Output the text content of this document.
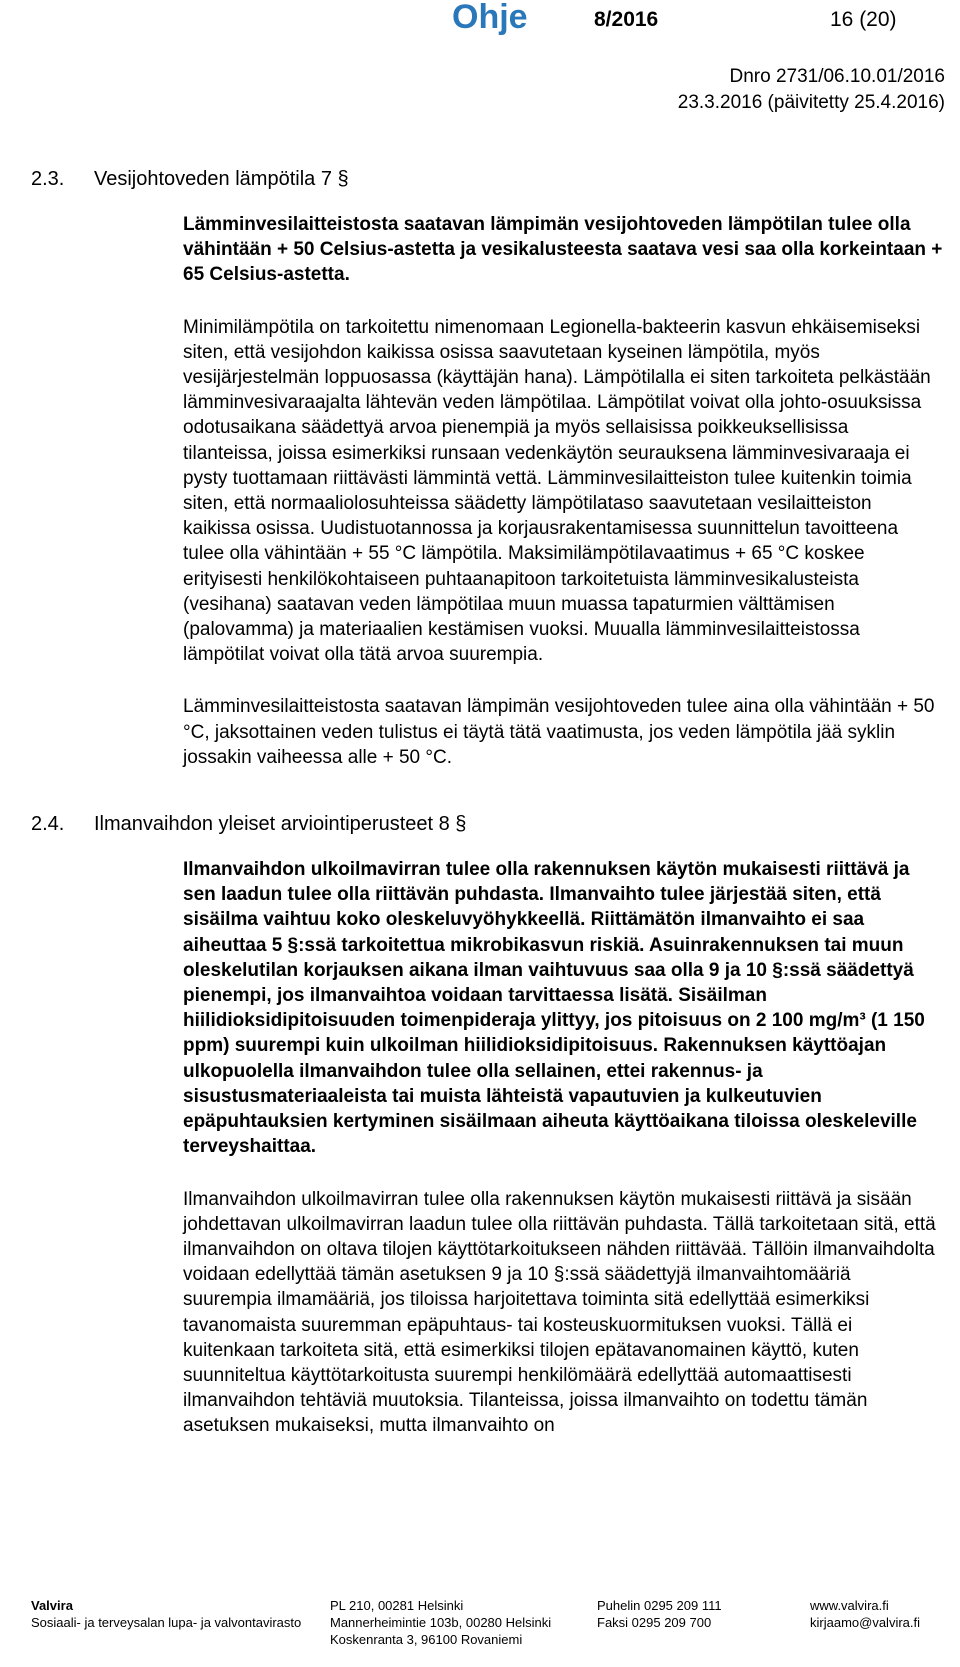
Ohje	8/2016	16 (20)
Dnro 2731/06.10.01/2016
23.3.2016 (päivitetty 25.4.2016)
2.3.	Vesijohtoveden lämpötila 7 §
Lämminvesilaitteistosta saatavan lämpimän vesijohtoveden lämpötilan tulee olla vähintään + 50 Celsius-astetta ja vesikalusteesta saatava vesi saa olla korkeintaan + 65 Celsius-astetta.
Minimilämpötila on tarkoitettu nimenomaan Legionella-bakteerin kasvun ehkäisemiseksi siten, että vesijohdon kaikissa osissa saavutetaan kyseinen lämpötila, myös vesijärjestelmän loppuosassa (käyttäjän hana). Lämpötilalla ei siten tarkoiteta pelkästään lämminvesivaraajalta lähtevän veden lämpötilaa. Lämpötilat voivat olla johto-osuuksissa odotusaikana säädettyä arvoa pienempiä ja myös sellaisissa poikkeuksellisissa tilanteissa, joissa esimerkiksi runsaan vedenkäytön seurauksena lämminvesivaraaja ei pysty tuottamaan riittävästi lämmintä vettä. Lämminvesilaitteiston tulee kuitenkin toimia siten, että normaaliolosuhteissa säädetty lämpötilataso saavutetaan vesilaitteiston kaikissa osissa. Uudistuotannossa ja korjausrakentamisessa suunnittelun tavoitteena tulee olla vähintään + 55 °C lämpötila. Maksimilämpötilavaatimus + 65 °C koskee erityisesti henkilökohtaiseen puhtaanapitoon tarkoitetuista lämminvesikalusteista (vesihana) saatavan veden lämpötilaa muun muassa tapaturmien välttämisen (palovamma) ja materiaalien kestämisen vuoksi. Muualla lämminvesilaitteistossa lämpötilat voivat olla tätä arvoa suurempia.
Lämminvesilaitteistosta saatavan lämpimän vesijohtoveden tulee aina olla vähintään + 50 °C, jaksottainen veden tulistus ei täytä tätä vaatimusta, jos veden lämpötila jää syklin jossakin vaiheessa alle + 50 °C.
2.4.	Ilmanvaihdon yleiset arviointiperusteet 8 §
Ilmanvaihdon ulkoilmavirran tulee olla rakennuksen käytön mukaisesti riittävä ja sen laadun tulee olla riittävän puhdasta. Ilmanvaihto tulee järjestää siten, että sisäilma vaihtuu koko oleskeluvyöhykkeellä. Riittämätön ilmanvaihto ei saa aiheuttaa 5 §:ssä tarkoitettua mikrobikasvun riskiä. Asuinrakennuksen tai muun oleskelutilan korjauksen aikana ilman vaihtuvuus saa olla 9 ja 10 §:ssä säädettyä pienempi, jos ilmanvaihtoa voidaan tarvittaessa lisätä. Sisäilman hiilidioksidipitoisuuden toimenpideraja ylittyy, jos pitoisuus on 2 100 mg/m³ (1 150 ppm) suurempi kuin ulkoilman hiilidioksidipitoisuus. Rakennuksen käyttöajan ulkopuolella ilmanvaihdon tulee olla sellainen, ettei rakennus- ja sisustusmateriaaleista tai muista lähteistä vapautuvien ja kulkeutuvien epäpuhtauksien kertyminen sisäilmaan aiheuta käyttöaikana tiloissa oleskeleville terveyshaittaa.
Ilmanvaihdon ulkoilmavirran tulee olla rakennuksen käytön mukaisesti riittävä ja sisään johdettavan ulkoilmavirran laadun tulee olla riittävän puhdasta. Tällä tarkoitetaan sitä, että ilmanvaihdon on oltava tilojen käyttötarkoitukseen nähden riittävää. Tällöin ilmanvaihdolta voidaan edellyttää tämän asetuksen 9 ja 10 §:ssä säädettyjä ilmanvaihtomääriä suurempia ilmamääriä, jos tiloissa harjoitettava toiminta sitä edellyttää esimerkiksi tavanomaista suuremman epäpuhtaus- tai kosteuskuormituksen vuoksi. Tällä ei kuitenkaan tarkoiteta sitä, että esimerkiksi tilojen epätavanomainen käyttö, kuten suunniteltua käyttötarkoitusta suurempi henkilömäärä edellyttää automaattisesti ilmanvaihdon tehtäviä muutoksia. Tilanteissa, joissa ilmanvaihto on todettu tämän asetuksen mukaiseksi, mutta ilmanvaihto on
Valvira
Sosiaali- ja terveysalan lupa- ja valvontavirasto
PL 210, 00281 Helsinki
Mannerheimintie 103b, 00280 Helsinki
Koskenranta 3, 96100 Rovaniemi
Puhelin 0295 209 111
Faksi 0295 209 700
www.valvira.fi
kirjaamo@valvira.fi
